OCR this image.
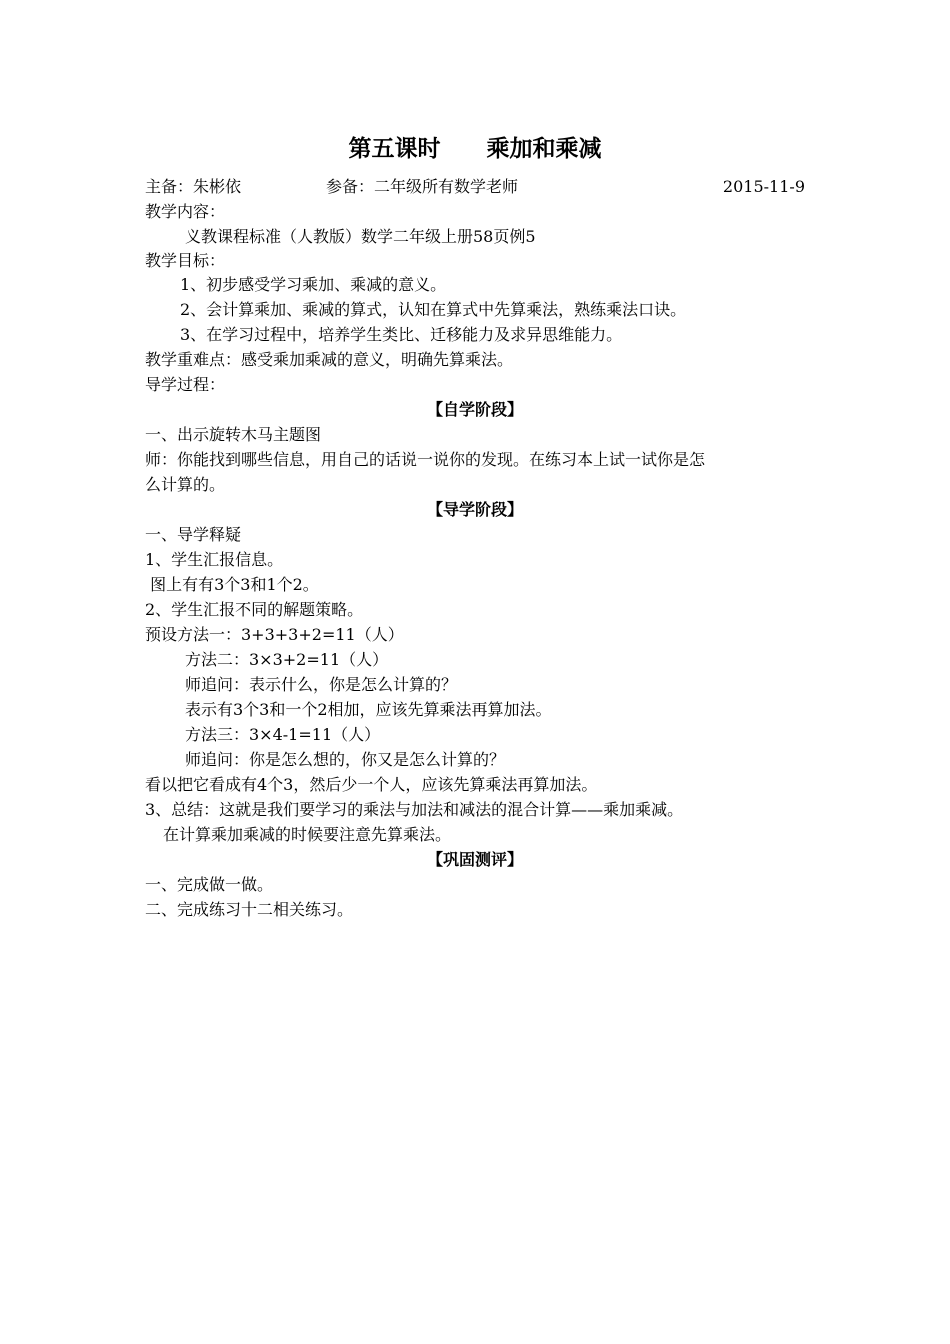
第五课时　　乘加和乘减
主备：朱彬依	参备：二年级所有数学老师	2015-11-9
教学内容：
义教课程标准（人教版）数学二年级上册58页例5
教学目标：
1、初步感受学习乘加、乘减的意义。
2、会计算乘加、乘减的算式，认知在算式中先算乘法，熟练乘法口诀。
3、在学习过程中，培养学生类比、迁移能力及求异思维能力。
教学重难点：感受乘加乘减的意义，明确先算乘法。
导学过程：
【自学阶段】
一、出示旋转木马主题图
师：你能找到哪些信息，用自己的话说一说你的发现。在练习本上试一试你是怎
么计算的。
【导学阶段】
一、导学释疑
1、学生汇报信息。
图上有有3个3和1个2。
2、学生汇报不同的解题策略。
预设方法一：3+3+3+2=11（人）
方法二：3×3+2=11（人）
师追问：表示什么，你是怎么计算的？
表示有3个3和一个2相加，应该先算乘法再算加法。
方法三：3×4-1=11（人）
师追问：你是怎么想的，你又是怎么计算的？
看以把它看成有4个3，然后少一个人，应该先算乘法再算加法。
3、总结：这就是我们要学习的乘法与加法和减法的混合计算——乘加乘减。
在计算乘加乘减的时候要注意先算乘法。
【巩固测评】
一、完成做一做。
二、完成练习十二相关练习。
